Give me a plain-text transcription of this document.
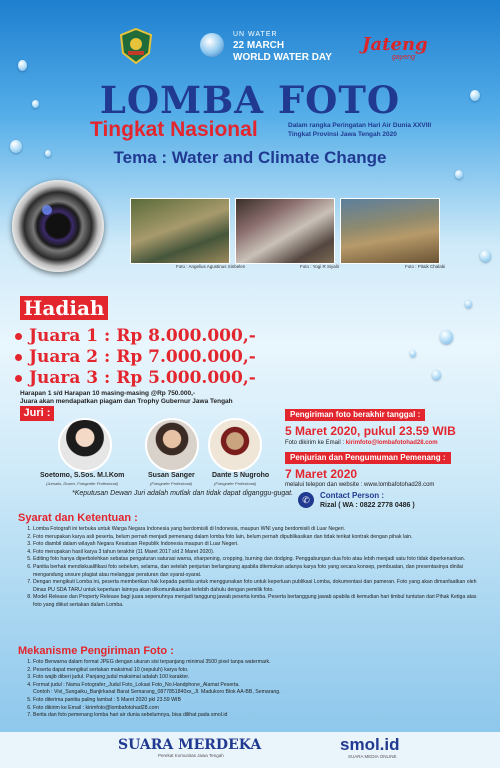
UN WATER
22 MARCH
WORLD WATER DAY
Jateng
gayeng
LOMBA FOTO
Tingkat Nasional	Dalam rangka Peringatan Hari Air Dunia XXVIII
Tingkat Provinsi Jawa Tengah 2020
Tema : Water and Climate Change
Foto : Angelius Agustinus Sinbelen	Foto : Yogi R Siyalir	Foto : Pitaik Chalabi
Hadiah
Juara 1 : Rp 8.000.000,-
Juara 2 : Rp 7.000.000,-
Juara 3 : Rp 5.000.000,-
Harapan 1 s/d Harapan 10 masing-masing @Rp 750.000,-
Juara akan mendapatkan piagam dan Trophy Gubernur Jawa Tengah
Juri :
Soetomo, S.Sos. M.I.Kom
(Jurnalis, Dosen, Fotografer Profesional)
Susan Sanger
(Fotografer Profesional)
Dante S Nugroho
(Fotografer Profesional)
*Keputusan Dewan Juri adalah mutlak dan tidak dapat diganggu-gugat.
Pengiriman foto berakhir tanggal :
5 Maret 2020, pukul 23.59 WIB
Foto dikirim ke Email : kirimfoto@lombafotohad28.com
Penjurian dan Pengumuman Pemenang :
7 Maret 2020
melalui telepon dan website : www.lombafotohad28.com
✆	Contact Person :
Rizal ( WA : 0822 2778 0486 )
Syarat dan Ketentuan :
1. Lomba Fotografi ini terbuka untuk Warga Negara Indonesia yang berdomisili di Indonesia, maupun WNI yang berdomisili di Luar Negeri.
2. Foto merupakan karya asli peserta, belum pernah menjadi pemenang dalam lomba foto lain, belum pernah dipublikasikan dan tidak terikat kontrak dengan pihak lain.
3. Foto diambil dalam wilayah Negara Kesatuan Republik Indonesia maupun di Luar Negeri.
4. Foto merupakan hasil karya 3 tahun terakhir (11 Maret 2017 s/d 2 Maret 2020).
5. Editing foto hanya diperbolehkan sebatas pengaturan saturasi warna, sharpening, cropping, burning dan dodging. Penggabungan dua foto atau lebih menjadi satu foto tidak diperkenankan.
6. Panitia berhak mendiskualifikasi foto sebelum, selama, dan setelah penjurian berlangsung apabila ditemukan adanya karya foto yang secara konsep, pembuatan, dan presentasinya dinilai mengandung unsure plagiat atau melanggar peraturan dan syarat-syarat.
7. Dengan mengikuti Lomba ini, peserta memberikan hak kepada panitia untuk menggunakan foto untuk keperluan publikasi Lomba, dokumentasi dan pameran. Foto yang akan dimanfaatkan oleh Dinas PU SDA TARU untuk keperluan lainnya akan dikomunikasikan terlebih dahulu dengan pemilik foto.
8. Model Release dan Property Release bagi juara sepenuhnya menjadi tanggung jawab peserta lomba. Peserta bertanggung jawab apabila di kemudian hari timbul tuntutan dari Pihak Ketiga atas foto yang diikut sertakan dalam Lomba.
Mekanisme Pengiriman Foto :
1. Foto Berwarna dalam format JPEG dengan ukuran sisi terpanjang minimal 3500 pixel tanpa watermark.
2. Peserta dapat mengikut sertakan maksimal 10 (sepuluh) karya foto.
3. Foto wajib diberi judul. Panjang judul maksimal adalah 100 karakter.
4. Format judul : Nama Fotografer_Judul Foto_Lokasi Foto_No.Handphone_Alamat Peserta.
Contoh : Vivi_Sungaiku_Banjirkanal Barat Semarang_0877851840xx_Jl. Madukoro Blok AA-BB, Semarang.
5. Foto diterima panitia paling lambat : 5 Maret 2020 pkl 23.59 WIB
6. Foto dikirim ke Email : kirimfoto@lombafotohad28.com
7. Berita dan foto pemenang lomba hari air dunia sebelumnya, bisa dilihat pada smol.id
SUARA MERDEKA
Perekat Komunitas Jawa Tengah
smol.id
SUARA MEDIA ONLINE
